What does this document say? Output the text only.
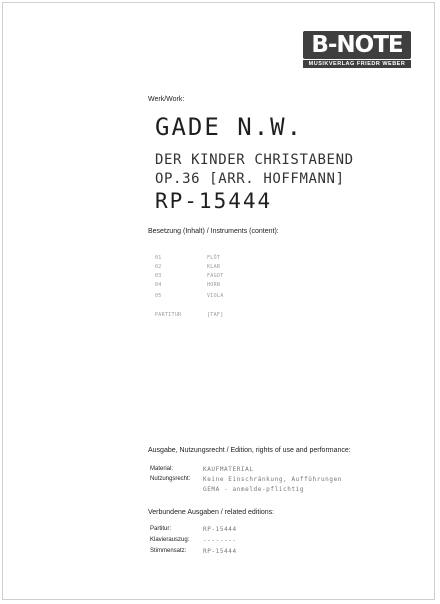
B-NOTE
MUSIKVERLAG FRIEDR WEBER
Werk/Work:
GADE N.W.
DER KINDER CHRISTABEND
OP.36 [ARR. HOFFMANN]
RP-15444
Besetzung (Inhalt) / Instruments (content):
01	FLÖT
02	KLAR
03	FAGOT
04	HORN
05	VIOLA
PARTITUR	[TAF]
Ausgabe, Nutzungsrecht / Edition, rights of use and performance:
Material:	KAUFMATERIAL
Nutzungsrecht: Keine Einschränkung, Aufführungen
GEMA - anmelde-pflichtig
Verbundene Ausgaben / related editions:
Partitur:	RP-15444
Klavierauszug: --------
Stimmensatz:	RP-15444
